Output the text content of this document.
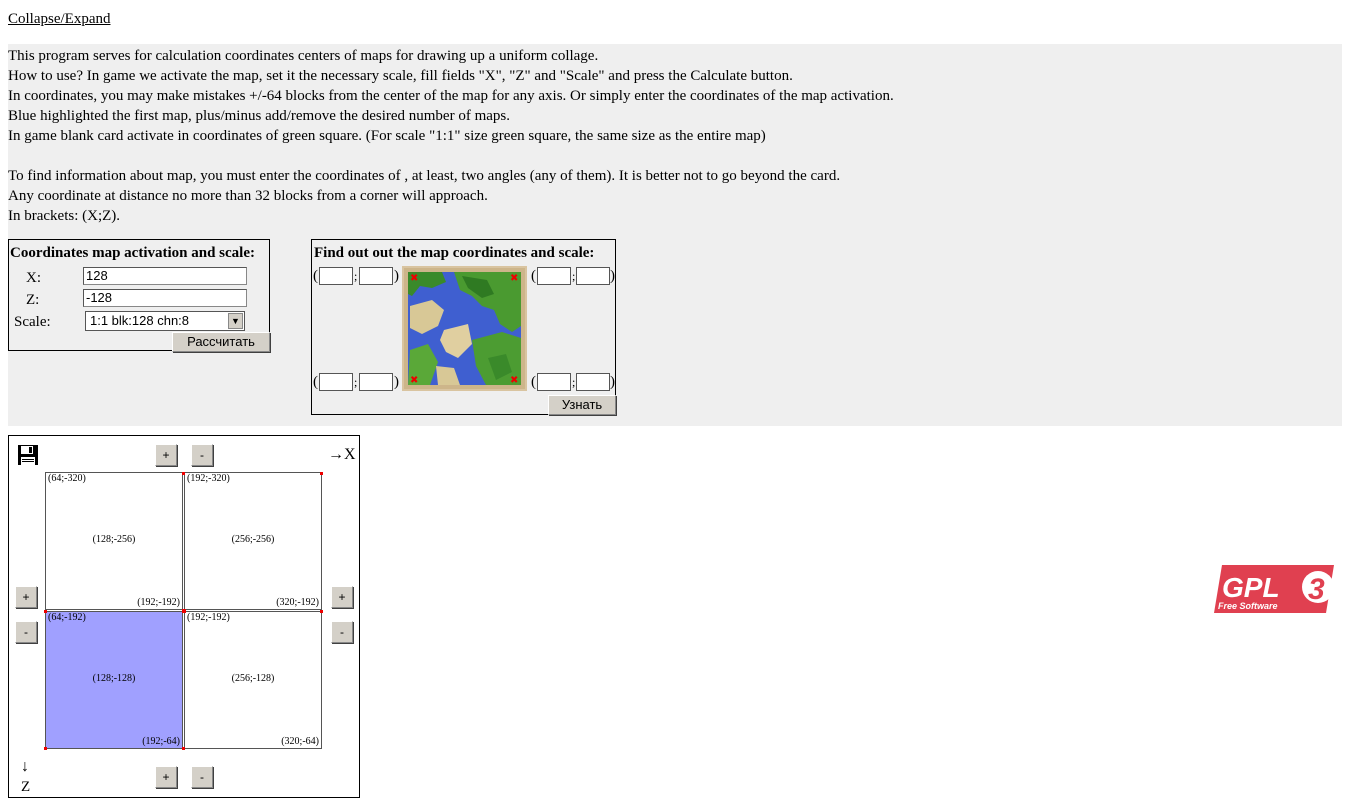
Collapse/Expand

This program serves for calculation coordinates centers of maps for drawing up a uniform collage.

How to use? In game we activate the map, set it the necessary scale, fill fields "X", "Z" and "Scale" and press the Calculate button.

In coordinates, you may make mistakes +/-64 blocks from the center of the map for any axis. Or simply enter the coordinates of the map activation.

Blue highlighted the first map, plus/minus add/remove the desired number of maps.

In game blank card activate in coordinates of green square. (For scale "1:1" size green square, the same size as the entire map)

To find information about map, you must enter the coordinates of , at least, two angles (any of them). It is better not to go beyond the card.

Any coordinate at distance no more than 32 blocks from a corner will approach.

In brackets: (X;Z).

Coordinates map activation and scale:
X:
128
Z:
-128
Scale:	1:1 blk:128 chn:8	▼
Рассчитать
Find out out the map coordinates and scale:
(	; )	(	; )
(	; )	(	; )
✖	✖
✖	✖
Узнать
→X
+	-
+
-
+
-
+	-
↓
Z
(64;-320)
(128;-256)
(192;-192)
(192;-320)
(256;-256)
(320;-192)
(64;-192)
(128;-128)
(192;-64)
(192;-192)
(256;-128)
(320;-64)
GPL 3
Free Software
